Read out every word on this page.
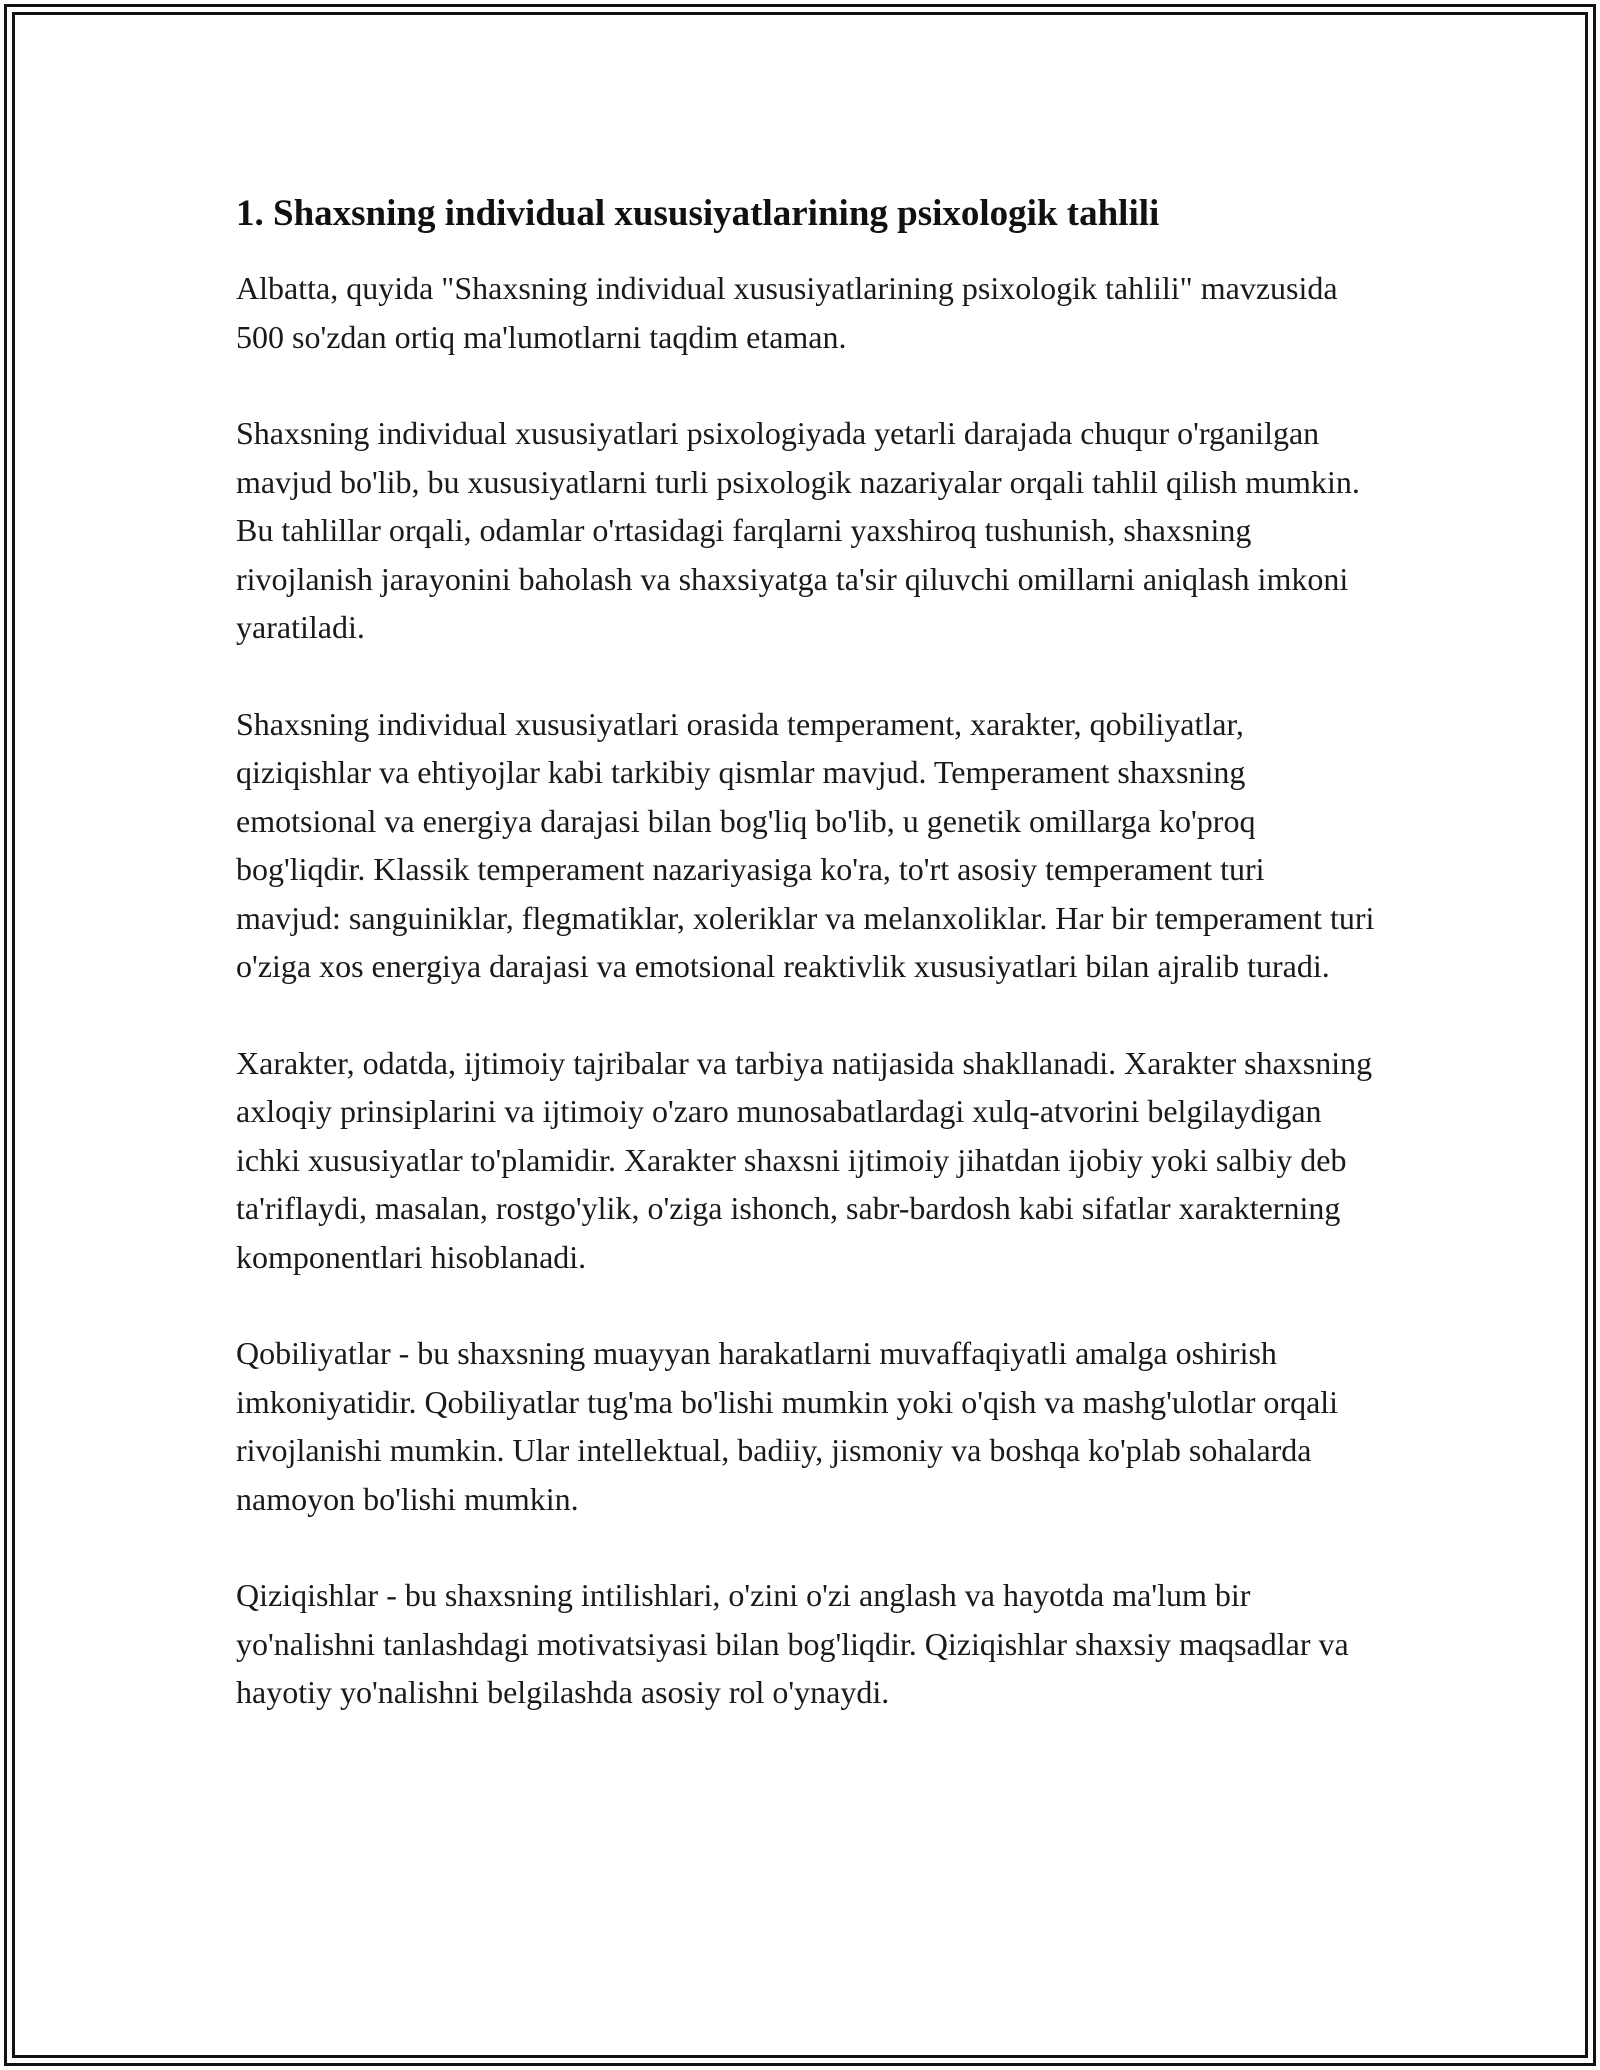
1. Shaxsning individual xususiyatlarining psixologik tahlili

Albatta, quyida "Shaxsning individual xususiyatlarining psixologik tahlili" mavzusida 500 so'zdan ortiq ma'lumotlarni taqdim etaman.

Shaxsning individual xususiyatlari psixologiyada yetarli darajada chuqur o'rganilgan mavjud bo'lib, bu xususiyatlarni turli psixologik nazariyalar orqali tahlil qilish mumkin. Bu tahlillar orqali, odamlar o'rtasidagi farqlarni yaxshiroq tushunish, shaxsning rivojlanish jarayonini baholash va shaxsiyatga ta'sir qiluvchi omillarni aniqlash imkoni yaratiladi.

Shaxsning individual xususiyatlari orasida temperament, xarakter, qobiliyatlar, qiziqishlar va ehtiyojlar kabi tarkibiy qismlar mavjud. Temperament shaxsning emotsional va energiya darajasi bilan bog'liq bo'lib, u genetik omillarga ko'proq bog'liqdir. Klassik temperament nazariyasiga ko'ra, to'rt asosiy temperament turi mavjud: sanguiniklar, flegmatiklar, xoleriklar va melanxoliklar. Har bir temperament turi o'ziga xos energiya darajasi va emotsional reaktivlik xususiyatlari bilan ajralib turadi.

Xarakter, odatda, ijtimoiy tajribalar va tarbiya natijasida shakllanadi. Xarakter shaxsning axloqiy prinsiplarini va ijtimoiy o'zaro munosabatlardagi xulq-atvorini belgilaydigan ichki xususiyatlar to'plamidir. Xarakter shaxsni ijtimoiy jihatdan ijobiy yoki salbiy deb ta'riflaydi, masalan, rostgo'ylik, o'ziga ishonch, sabr-bardosh kabi sifatlar xarakterning komponentlari hisoblanadi.

Qobiliyatlar - bu shaxsning muayyan harakatlarni muvaffaqiyatli amalga oshirish imkoniyatidir. Qobiliyatlar tug'ma bo'lishi mumkin yoki o'qish va mashg'ulotlar orqali rivojlanishi mumkin. Ular intellektual, badiiy, jismoniy va boshqa ko'plab sohalarda namoyon bo'lishi mumkin.

Qiziqishlar - bu shaxsning intilishlari, o'zini o'zi anglash va hayotda ma'lum bir yo'nalishni tanlashdagi motivatsiyasi bilan bog'liqdir. Qiziqishlar shaxsiy maqsadlar va hayotiy yo'nalishni belgilashda asosiy rol o'ynaydi.
